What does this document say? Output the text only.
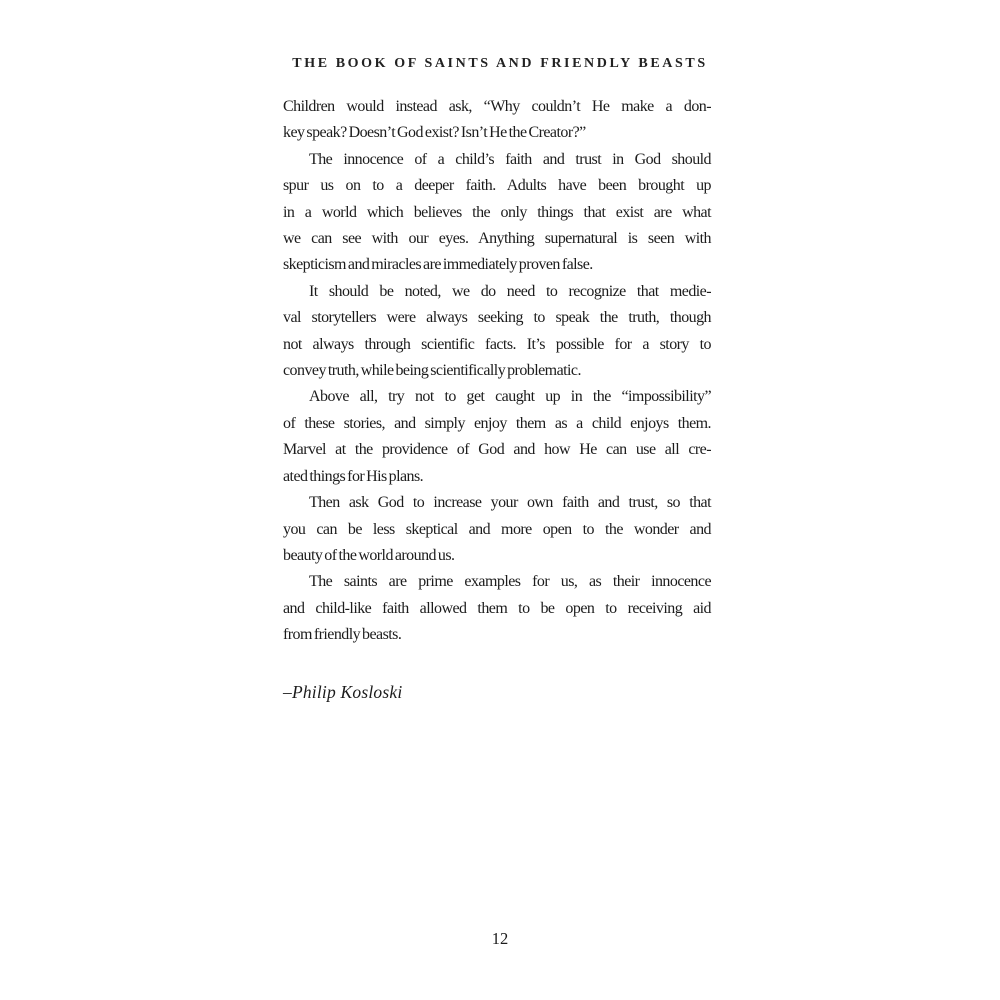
THE BOOK OF SAINTS AND FRIENDLY BEASTS
Children would instead ask, “Why couldn’t He make a don-
key speak? Doesn’t God exist? Isn’t He the Creator?”
The innocence of a child’s faith and trust in God should
spur us on to a deeper faith. Adults have been brought up
in a world which believes the only things that exist are what
we can see with our eyes. Anything supernatural is seen with
skepticism and miracles are immediately proven false.
It should be noted, we do need to recognize that medie-
val storytellers were always seeking to speak the truth, though
not always through scientific facts. It’s possible for a story to
convey truth, while being scientifically problematic.
Above all, try not to get caught up in the “impossibility”
of these stories, and simply enjoy them as a child enjoys them.
Marvel at the providence of God and how He can use all cre-
ated things for His plans.
Then ask God to increase your own faith and trust, so that
you can be less skeptical and more open to the wonder and
beauty of the world around us.
The saints are prime examples for us, as their innocence
and child-like faith allowed them to be open to receiving aid
from friendly beasts.
–Philip Kosloski
12
